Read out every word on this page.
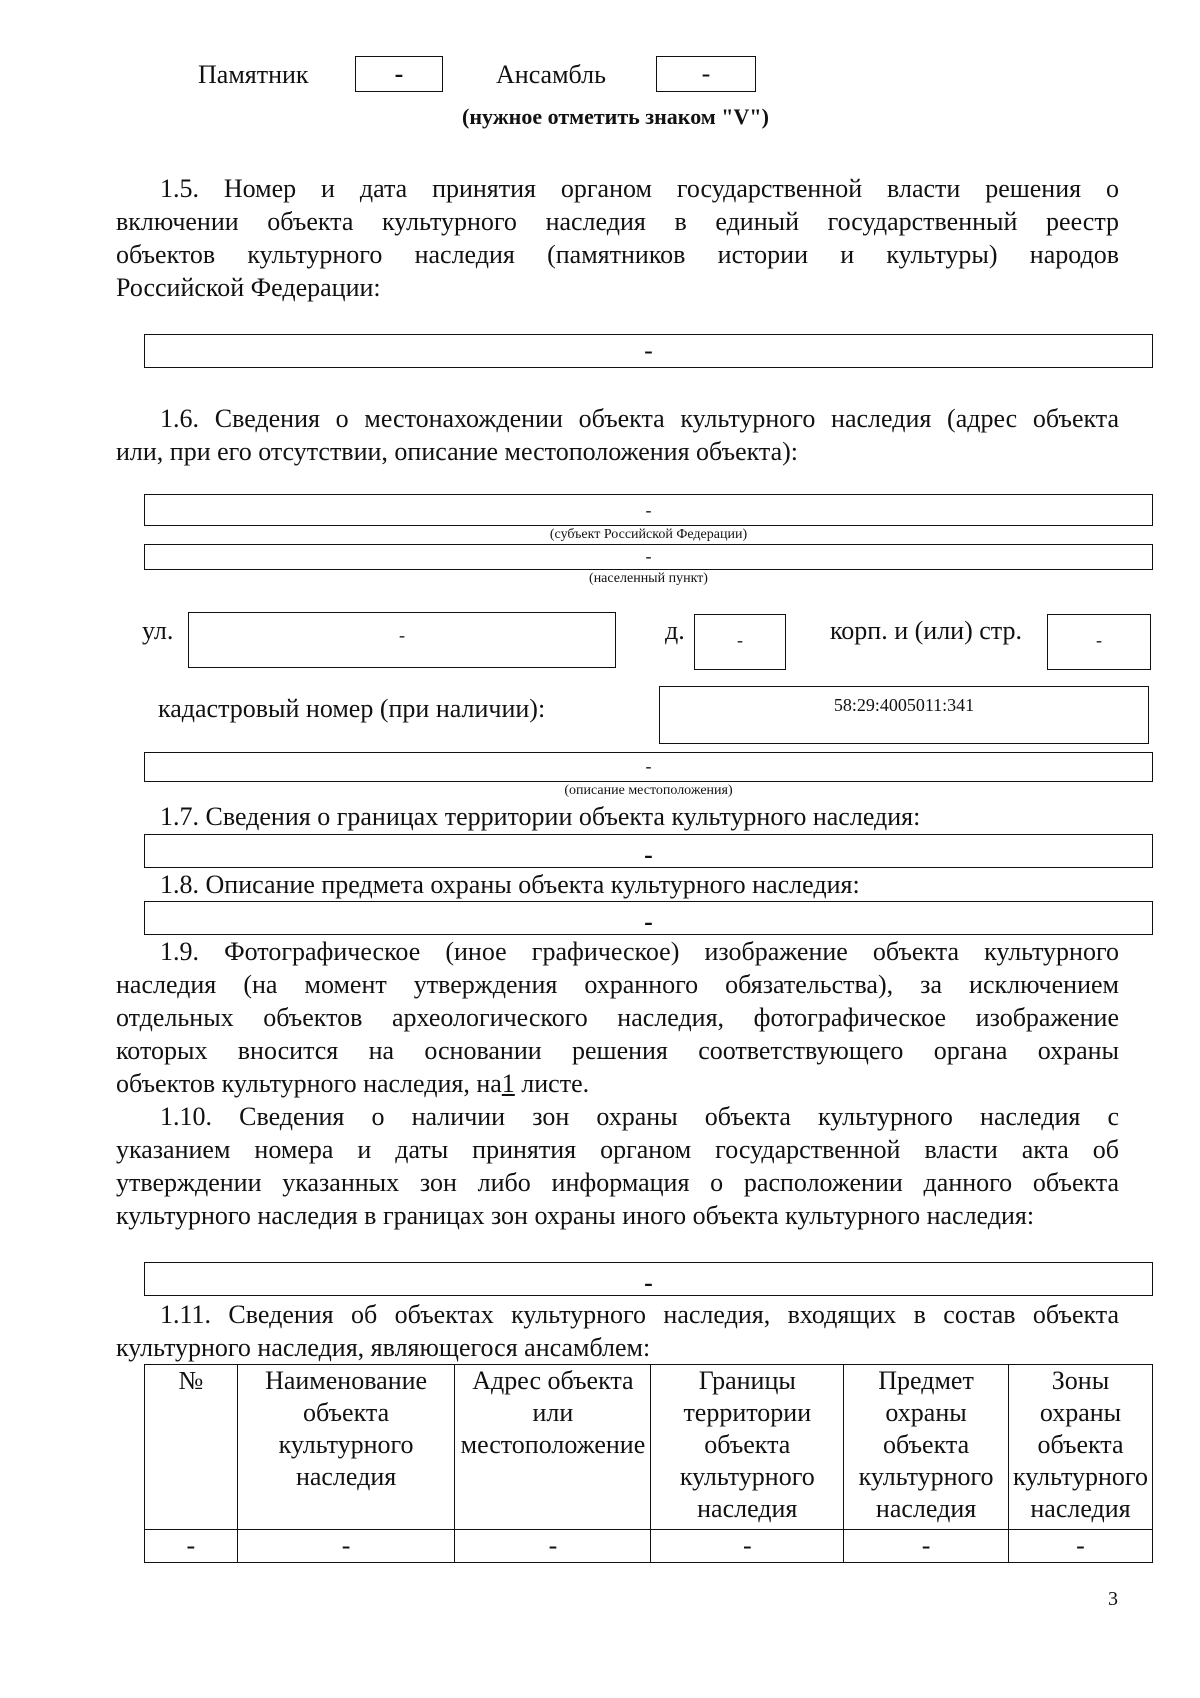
Памятник	-	Ансамбль	-
(нужное отметить знаком "V")
1.5. Номер и дата принятия органом государственной власти решения о
включении объекта культурного наследия в единый государственный реестр
объектов культурного наследия (памятников истории и культуры) народов
Российской Федерации:
-
1.6. Сведения о местонахождении объекта культурного наследия (адрес объекта
или, при его отсутствии, описание местоположения объекта):
-
(субъект Российской Федерации)
-
(населенный пункт)
ул.	-	д.	-	корп. и (или) стр.	-
кадастровый номер (при наличии):	58:29:4005011:341
-
(описание местоположения)
1.7. Сведения о границах территории объекта культурного наследия:
-
1.8. Описание предмета охраны объекта культурного наследия:
-
1.9. Фотографическое (иное графическое) изображение объекта культурного
наследия (на момент утверждения охранного обязательства), за исключением
отдельных объектов археологического наследия, фотографическое изображение
которых вносится на основании решения соответствующего органа охраны
объектов культурного наследия, на1 листе.
1.10. Сведения о наличии зон охраны объекта культурного наследия с
указанием номера и даты принятия органом государственной власти акта об
утверждении указанных зон либо информация о расположении данного объекта
культурного наследия в границах зон охраны иного объекта культурного наследия:
-
1.11. Сведения об объектах культурного наследия, входящих в состав объекта
культурного наследия, являющегося ансамблем:
№	Наименование объекта культурного наследия	Адрес объекта или местоположение	Границы территории объекта культурного наследия	Предмет охраны объекта культурного наследия	Зоны охраны объекта культурного наследия
-	-	-	-	-	-
3
